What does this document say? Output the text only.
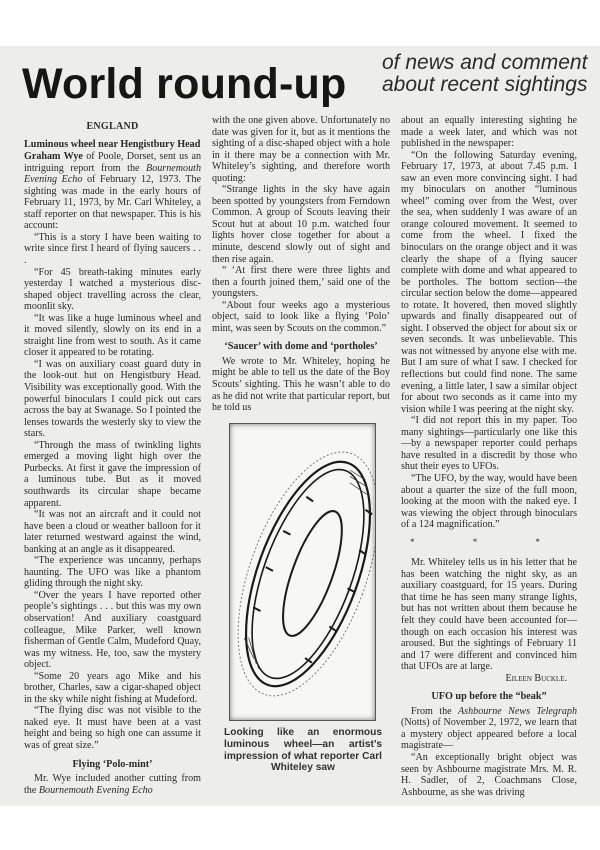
World round-up of news and comment
about recent sightings
ENGLAND
Luminous wheel near Hengistbury Head

Graham Wye of Poole, Dorset, sent us an intriguing report from the Bournemouth Evening Echo of February 12, 1973. The sighting was made in the early hours of February 11, 1973, by Mr. Carl Whiteley, a staff reporter on that newspaper. This is his account:

“This is a story I have been waiting to write since first I heard of flying saucers . . .

“For 45 breath-taking minutes early yesterday I watched a mysterious disc-shaped object travelling across the clear, moonlit sky.

“It was like a huge luminous wheel and it moved silently, slowly on its end in a straight line from west to south. As it came closer it appeared to be rotating.

“I was on auxiliary coast guard duty in the look-out hut on Hengistbury Head. Visibility was exceptionally good. With the powerful binoculars I could pick out cars across the bay at Swanage. So I pointed the lenses towards the westerly sky to view the stars.

“Through the mass of twinkling lights emerged a moving light high over the Purbecks. At first it gave the impression of a luminous tube. But as it moved southwards its circular shape became apparent.

“It was not an aircraft and it could not have been a cloud or weather balloon for it later returned westward against the wind, banking at an angle as it disappeared.

“The experience was uncanny, perhaps haunting. The UFO was like a phantom gliding through the night sky.

“Over the years I have reported other people’s sightings . . . but this was my own observation! And auxiliary coastguard colleague, Mike Parker, well known fisherman of Gentle Calm, Mudeford Quay, was my witness. He, too, saw the mystery object.

“Some 20 years ago Mike and his brother, Charles, saw a cigar-shaped object in the sky while night fishing at Mudeford.

“The flying disc was not visible to the naked eye. It must have been at a vast height and being so high one can assume it was of great size.”

Flying ‘Polo-mint’

Mr. Wye included another cutting from the Bournemouth Evening Echo

with the one given above. Unfortunately no date was given for it, but as it mentions the sighting of a disc-shaped object with a hole in it there may be a connection with Mr. Whiteley’s sighting, and therefore worth quoting:

“Strange lights in the sky have again been spotted by youngsters from Ferndown Common. A group of Scouts leaving their Scout hut at about 10 p.m. watched four lights hover close together for about a minute, descend slowly out of sight and then rise again.

“ ‘At first there were three lights and then a fourth joined them,’ said one of the youngsters.

“About four weeks ago a mysterious object, said to look like a flying ‘Polo’ mint, was seen by Scouts on the common.”

‘Saucer’ with dome and ‘portholes’

We wrote to Mr. Whiteley, hoping he might be able to tell us the date of the Boy Scouts’ sighting. This he wasn’t able to do as he did not write that particular report, but he told us

Looking like an enormous luminous wheel—an artist’s impression of what reporter Carl Whiteley saw

about an equally interesting sighting he made a week later, and which was not published in the newspaper:

“On the following Saturday evening, February 17, 1973, at about 7.45 p.m. I saw an even more convincing sight. I had my binoculars on another “luminous wheel” coming over from the West, over the sea, when suddenly I was aware of an orange coloured movement. It seemed to come from the wheel. I fixed the binoculars on the orange object and it was clearly the shape of a flying saucer complete with dome and what appeared to be portholes. The bottom section—the circular section below the dome—appeared to rotate. It hovered, then moved slightly upwards and finally disappeared out of sight. I observed the object for about six or seven seconds. It was unbelievable. This was not witnessed by anyone else with me. But I am sure of what I saw. I checked for reflections but could find none. The same evening, a little later, I saw a similar object for about two seconds as it came into my vision while I was peering at the night sky.

“I did not report this in my paper. Too many sightings—particularly one like this—by a newspaper reporter could perhaps have resulted in a discredit by those who shut their eyes to UFOs.

“The UFO, by the way, would have been about a quarter the size of the full moon, looking at the moon with the naked eye. I was viewing the object through binoculars of a 124 magnification.”

* * *

Mr. Whiteley tells us in his letter that he has been watching the night sky, as an auxiliary coastguard, for 15 years. During that time he has seen many strange lights, but has not written about them because he felt they could have been accounted for—though on each occasion his interest was aroused. But the sightings of February 11 and 17 were different and convinced him that UFOs are at large.

Eileen Buckle.
UFO up before the “beak”

From the Ashbourne News Telegraph (Notts) of November 2, 1972, we learn that a mystery object appeared before a local magistrate—

“An exceptionally bright object was seen by Ashbourne magistrate Mrs. M. R. H. Sadler, of 2, Coachmans Close, Ashbourne, as she was driving
